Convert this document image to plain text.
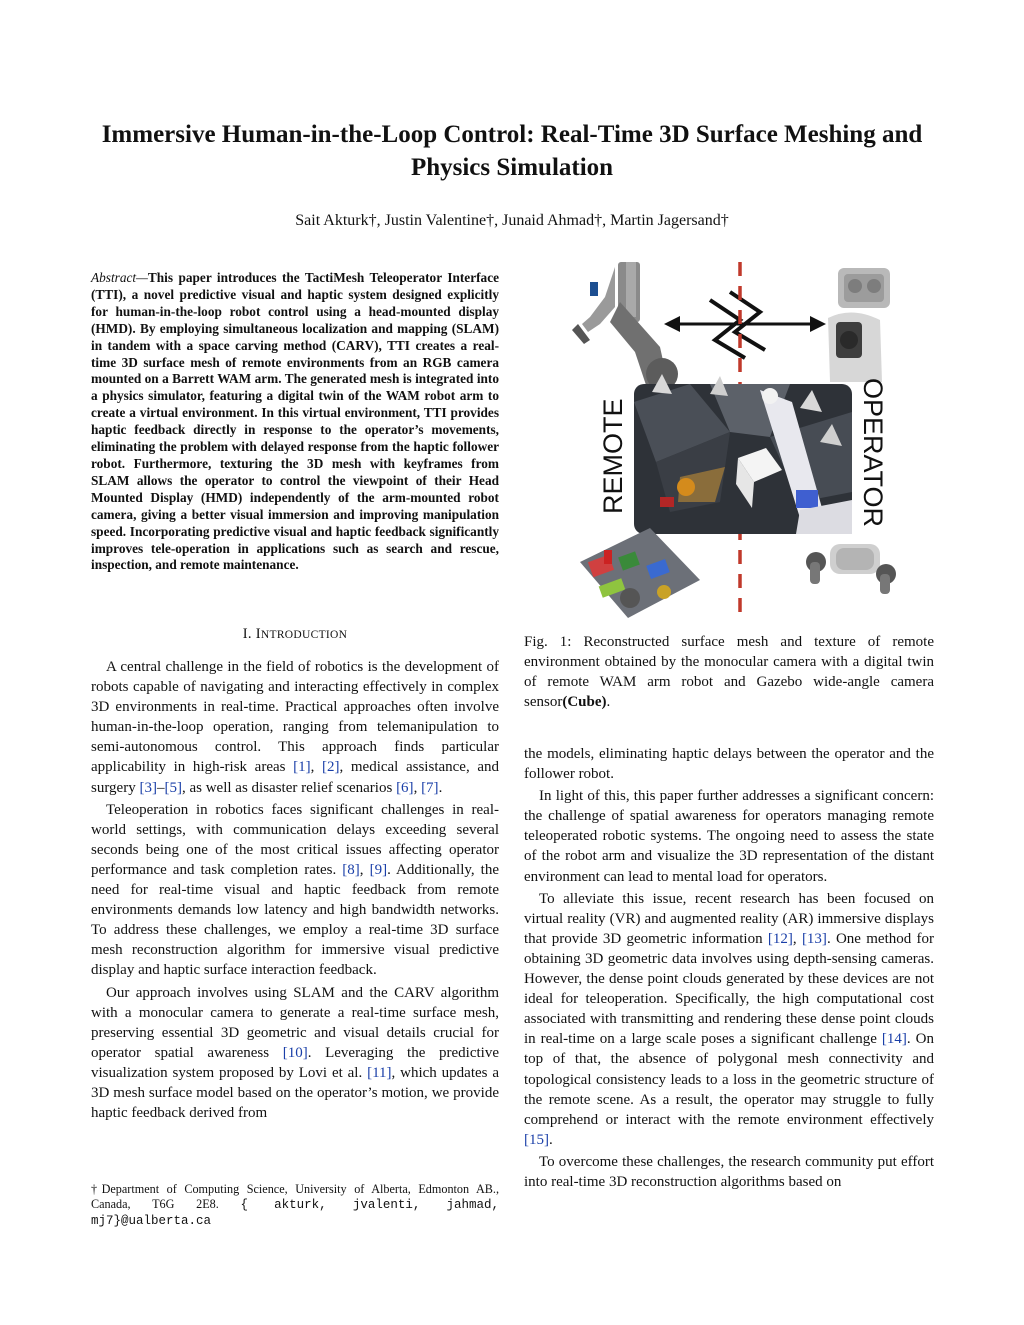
Immersive Human-in-the-Loop Control: Real-Time 3D Surface Meshing and Physics Simulation
Sait Akturk†, Justin Valentine†, Junaid Ahmad†, Martin Jagersand†
Abstract—This paper introduces the TactiMesh Teleoperator Interface (TTI), a novel predictive visual and haptic system designed explicitly for human-in-the-loop robot control using a head-mounted display (HMD). By employing simultaneous localization and mapping (SLAM) in tandem with a space carving method (CARV), TTI creates a real-time 3D surface mesh of remote environments from an RGB camera mounted on a Barrett WAM arm. The generated mesh is integrated into a physics simulator, featuring a digital twin of the WAM robot arm to create a virtual environment. In this virtual environment, TTI provides haptic feedback directly in response to the operator’s movements, eliminating the problem with delayed response from the haptic follower robot. Furthermore, texturing the 3D mesh with keyframes from SLAM allows the operator to control the viewpoint of their Head Mounted Display (HMD) independently of the arm-mounted robot camera, giving a better visual immersion and improving manipulation speed. Incorporating predictive visual and haptic feedback significantly improves tele-operation in applications such as search and rescue, inspection, and remote maintenance.
I. INTRODUCTION

A central challenge in the field of robotics is the development of robots capable of navigating and interacting effectively in complex 3D environments in real-time. Practical approaches often involve human-in-the-loop operation, ranging from telemanipulation to semi-autonomous control. This approach finds particular applicability in high-risk areas [1], [2], medical assistance, and surgery [3]–[5], as well as disaster relief scenarios [6], [7].

Teleoperation in robotics faces significant challenges in real-world settings, with communication delays exceeding several seconds being one of the most critical issues affecting operator performance and task completion rates. [8], [9]. Additionally, the need for real-time visual and haptic feedback from remote environments demands low latency and high bandwidth networks. To address these challenges, we employ a real-time 3D surface mesh reconstruction algorithm for immersive visual predictive display and haptic surface interaction feedback.

Our approach involves using SLAM and the CARV algorithm with a monocular camera to generate a real-time surface mesh, preserving essential 3D geometric and visual details crucial for operator spatial awareness [10]. Leveraging the predictive visualization system proposed by Lovi et al. [11], which updates a 3D mesh surface model based on the operator’s motion, we provide haptic feedback derived from

†Department of Computing Science, University of Alberta, Edmonton AB., Canada, T6G 2E8. { akturk, jvalenti, jahmad, mj7}@ualberta.ca
REMOTE	OPERATOR
Fig. 1: Reconstructed surface mesh and texture of remote environment obtained by the monocular camera with a digital twin of remote WAM arm robot and Gazebo wide-angle camera sensor(Cube).

the models, eliminating haptic delays between the operator and the follower robot.

In light of this, this paper further addresses a significant concern: the challenge of spatial awareness for operators managing remote teleoperated robotic systems. The ongoing need to assess the state of the robot arm and visualize the 3D representation of the distant environment can lead to mental load for operators.

To alleviate this issue, recent research has been focused on virtual reality (VR) and augmented reality (AR) immersive displays that provide 3D geometric information [12], [13]. One method for obtaining 3D geometric data involves using depth-sensing cameras. However, the dense point clouds generated by these devices are not ideal for teleoperation. Specifically, the high computational cost associated with transmitting and rendering these dense point clouds in real-time on a large scale poses a significant challenge [14]. On top of that, the absence of polygonal mesh connectivity and topological consistency leads to a loss in the geometric structure of the remote scene. As a result, the operator may struggle to fully comprehend or interact with the remote environment effectively [15].

To overcome these challenges, the research community put effort into real-time 3D reconstruction algorithms based on
